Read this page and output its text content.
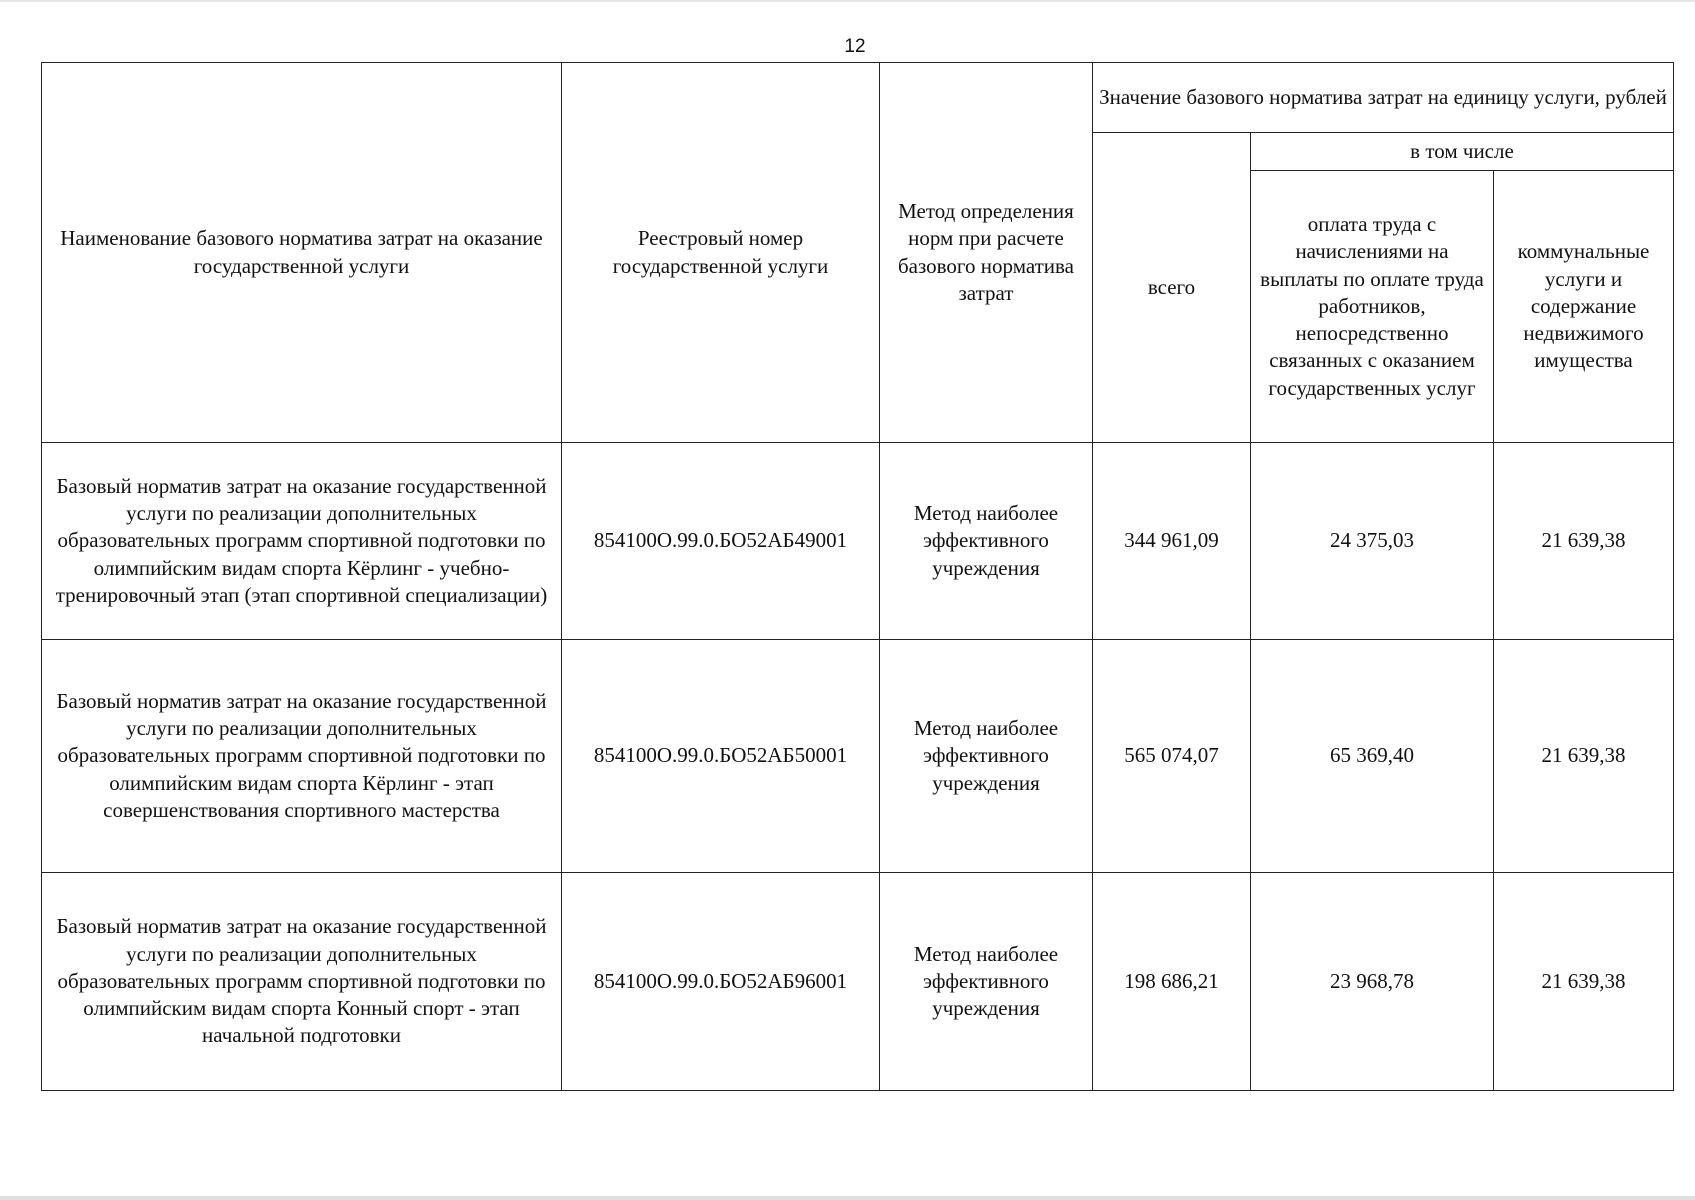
12
Наименование базового норматива затрат на оказание государственной услуги	Реестровый номер государственной услуги	Метод определения норм при расчете базового норматива затрат	Значение базового норматива затрат на единицу услуги, рублей		
			всего	в том числе	
				оплата труда с начислениями на выплаты по оплате труда работников, непосредственно связанных с оказанием государственных услуг	коммунальные услуги и содержание недвижимого имущества
Базовый норматив затрат на оказание государственной услуги по реализации дополнительных образовательных программ спортивной подготовки по олимпийским видам спорта Кёрлинг - учебно-тренировочный этап (этап спортивной специализации)	854100О.99.0.БО52АБ49001	Метод наиболее эффективного учреждения	344 961,09	24 375,03	21 639,38
Базовый норматив затрат на оказание государственной услуги по реализации дополнительных образовательных программ спортивной подготовки по олимпийским видам спорта Кёрлинг - этап совершенствования спортивного мастерства	854100О.99.0.БО52АБ50001	Метод наиболее эффективного учреждения	565 074,07	65 369,40	21 639,38
Базовый норматив затрат на оказание государственной услуги по реализации дополнительных образовательных программ спортивной подготовки по олимпийским видам спорта Конный спорт - этап начальной подготовки	854100О.99.0.БО52АБ96001	Метод наиболее эффективного учреждения	198 686,21	23 968,78	21 639,38
